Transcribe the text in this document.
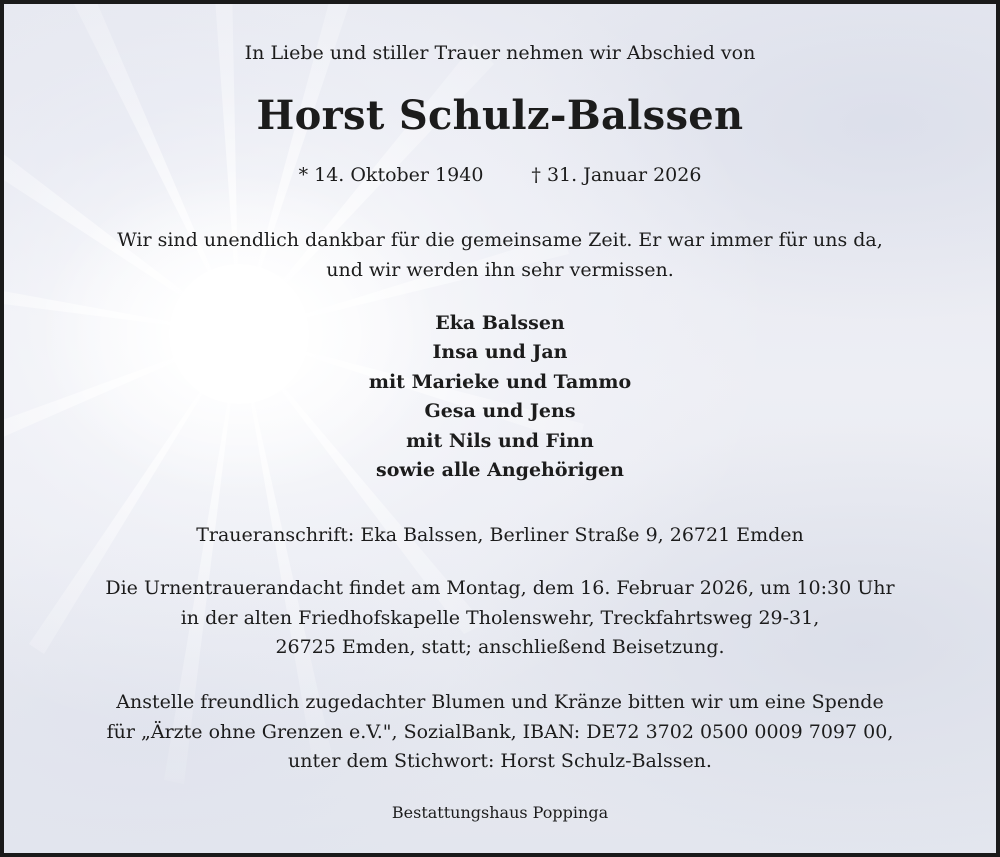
In Liebe und stiller Trauer nehmen wir Abschied von
Horst Schulz-Balssen
* 14. Oktober 1940	† 31. Januar 2026
Wir sind unendlich dankbar für die gemeinsame Zeit. Er war immer für uns da,
und wir werden ihn sehr vermissen.
Eka Balssen
Insa und Jan
mit Marieke und Tammo
Gesa und Jens
mit Nils und Finn
sowie alle Angehörigen
Traueranschrift: Eka Balssen, Berliner Straße 9, 26721 Emden
Die Urnentrauerandacht findet am Montag, dem 16. Februar 2026, um 10:30 Uhr
in der alten Friedhofskapelle Tholenswehr, Treckfahrtsweg 29-31,
26725 Emden, statt; anschließend Beisetzung.
Anstelle freundlich zugedachter Blumen und Kränze bitten wir um eine Spende
für „Ärzte ohne Grenzen e.V.", SozialBank, IBAN: DE72 3702 0500 0009 7097 00,
unter dem Stichwort: Horst Schulz-Balssen.
Bestattungshaus Poppinga
